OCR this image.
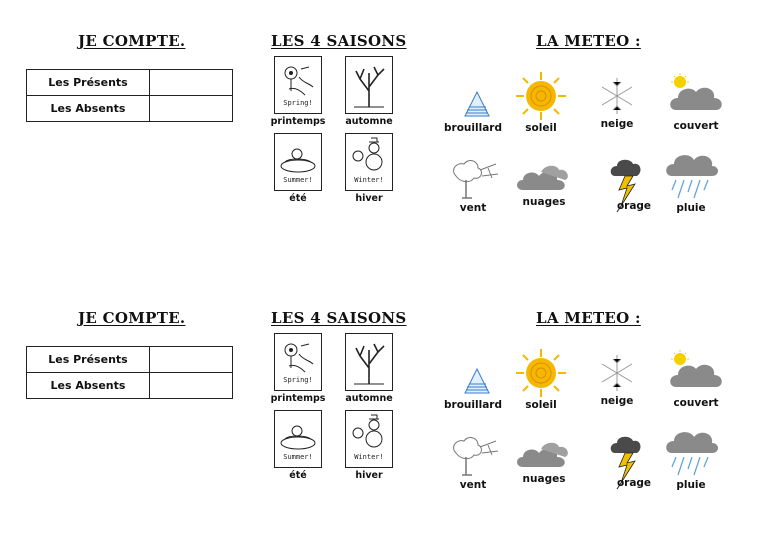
JE COMPTE.
Les Présents	
Les Absents	
LES 4 SAISONS
Spring!
printemps	automne
Summer!
été
Winter!
hiver
LA METEO :
brouillard	soleil	neige	couvert
vent	nuages	orage	pluie
JE COMPTE.
Les Présents	
Les Absents	
LES 4 SAISONS
Spring!
printemps	automne
Summer!
été
Winter!
hiver
LA METEO :
brouillard	soleil	neige	couvert
vent	nuages	orage	pluie
